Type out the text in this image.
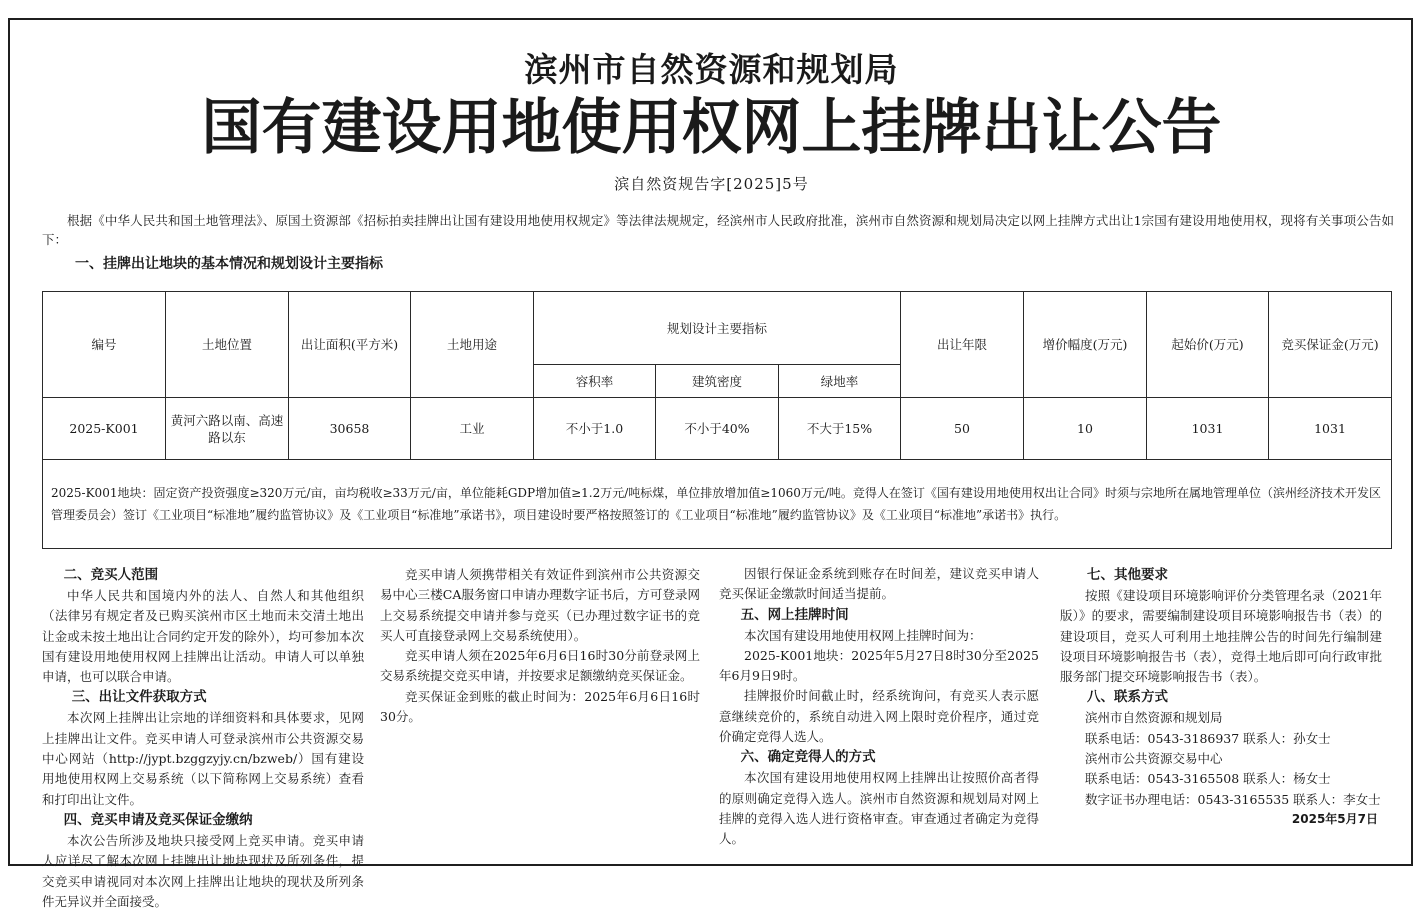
滨州市自然资源和规划局
国有建设用地使用权网上挂牌出让公告
滨自然资规告字[2025]5号
根据《中华人民共和国土地管理法》、原国土资源部《招标拍卖挂牌出让国有建设用地使用权规定》等法律法规规定，经滨州市人民政府批准，滨州市自然资源和规划局决定以网上挂牌方式出让1宗国有建设用地使用权，现将有关事项公告如下：
一、挂牌出让地块的基本情况和规划设计主要指标
编号	土地位置	出让面积(平方米)	土地用途	规划设计主要指标			出让年限	增价幅度(万元)	起始价(万元)	竞买保证金(万元)
				容积率	建筑密度	绿地率				
2025-K001	黄河六路以南、高速路以东	30658	工业	不小于1.0	不小于40%	不大于15%	50	10	1031	1031
2025-K001地块：固定资产投资强度≥320万元/亩，亩均税收≥33万元/亩，单位能耗GDP增加值≥1.2万元/吨标煤，单位排放增加值≥1060万元/吨。竞得人在签订《国有建设用地使用权出让合同》时须与宗地所在属地管理单位（滨州经济技术开发区管理委员会）签订《工业项目“标准地”履约监管协议》及《工业项目“标准地”承诺书》，项目建设时要严格按照签订的《工业项目“标准地”履约监管协议》及《工业项目“标准地”承诺书》执行。										
二、竞买人范围

中华人民共和国境内外的法人、自然人和其他组织（法律另有规定者及已购买滨州市区土地而未交清土地出让金或未按土地出让合同约定开发的除外），均可参加本次国有建设用地使用权网上挂牌出让活动。申请人可以单独申请，也可以联合申请。

三、出让文件获取方式

本次网上挂牌出让宗地的详细资料和具体要求，见网上挂牌出让文件。竞买申请人可登录滨州市公共资源交易中心网站（http://jypt.bzggzyjy.cn/bzweb/）国有建设用地使用权网上交易系统（以下简称网上交易系统）查看和打印出让文件。

四、竞买申请及竞买保证金缴纳

本次公告所涉及地块只接受网上竞买申请。竞买申请人应详尽了解本次网上挂牌出让地块现状及所列条件，提交竞买申请视同对本次网上挂牌出让地块的现状及所列条件无异议并全面接受。

竞买申请人须携带相关有效证件到滨州市公共资源交易中心三楼CA服务窗口申请办理数字证书后，方可登录网上交易系统提交申请并参与竞买（已办理过数字证书的竞买人可直接登录网上交易系统使用）。

竞买申请人须在2025年6月6日16时30分前登录网上交易系统提交竞买申请，并按要求足额缴纳竞买保证金。

竞买保证金到账的截止时间为：2025年6月6日16时30分。

因银行保证金系统到账存在时间差，建议竞买申请人竞买保证金缴款时间适当提前。

五、网上挂牌时间

本次国有建设用地使用权网上挂牌时间为：

2025-K001地块：2025年5月27日8时30分至2025年6月9日9时。

挂牌报价时间截止时，经系统询问，有竞买人表示愿意继续竞价的，系统自动进入网上限时竞价程序，通过竞价确定竞得人选人。

六、确定竞得人的方式

本次国有建设用地使用权网上挂牌出让按照价高者得的原则确定竞得入选人。滨州市自然资源和规划局对网上挂牌的竞得入选人进行资格审查。审查通过者确定为竞得人。

七、其他要求

按照《建设项目环境影响评价分类管理名录（2021年版）》的要求，需要编制建设项目环境影响报告书（表）的建设项目，竞买人可利用土地挂牌公告的时间先行编制建设项目环境影响报告书（表），竞得土地后即可向行政审批服务部门提交环境影响报告书（表）。

八、联系方式

滨州市自然资源和规划局

联系电话：0543-3186937 联系人：孙女士

滨州市公共资源交易中心

联系电话：0543-3165508 联系人：杨女士

数字证书办理电话：0543-3165535 联系人：李女士

2025年5月7日
